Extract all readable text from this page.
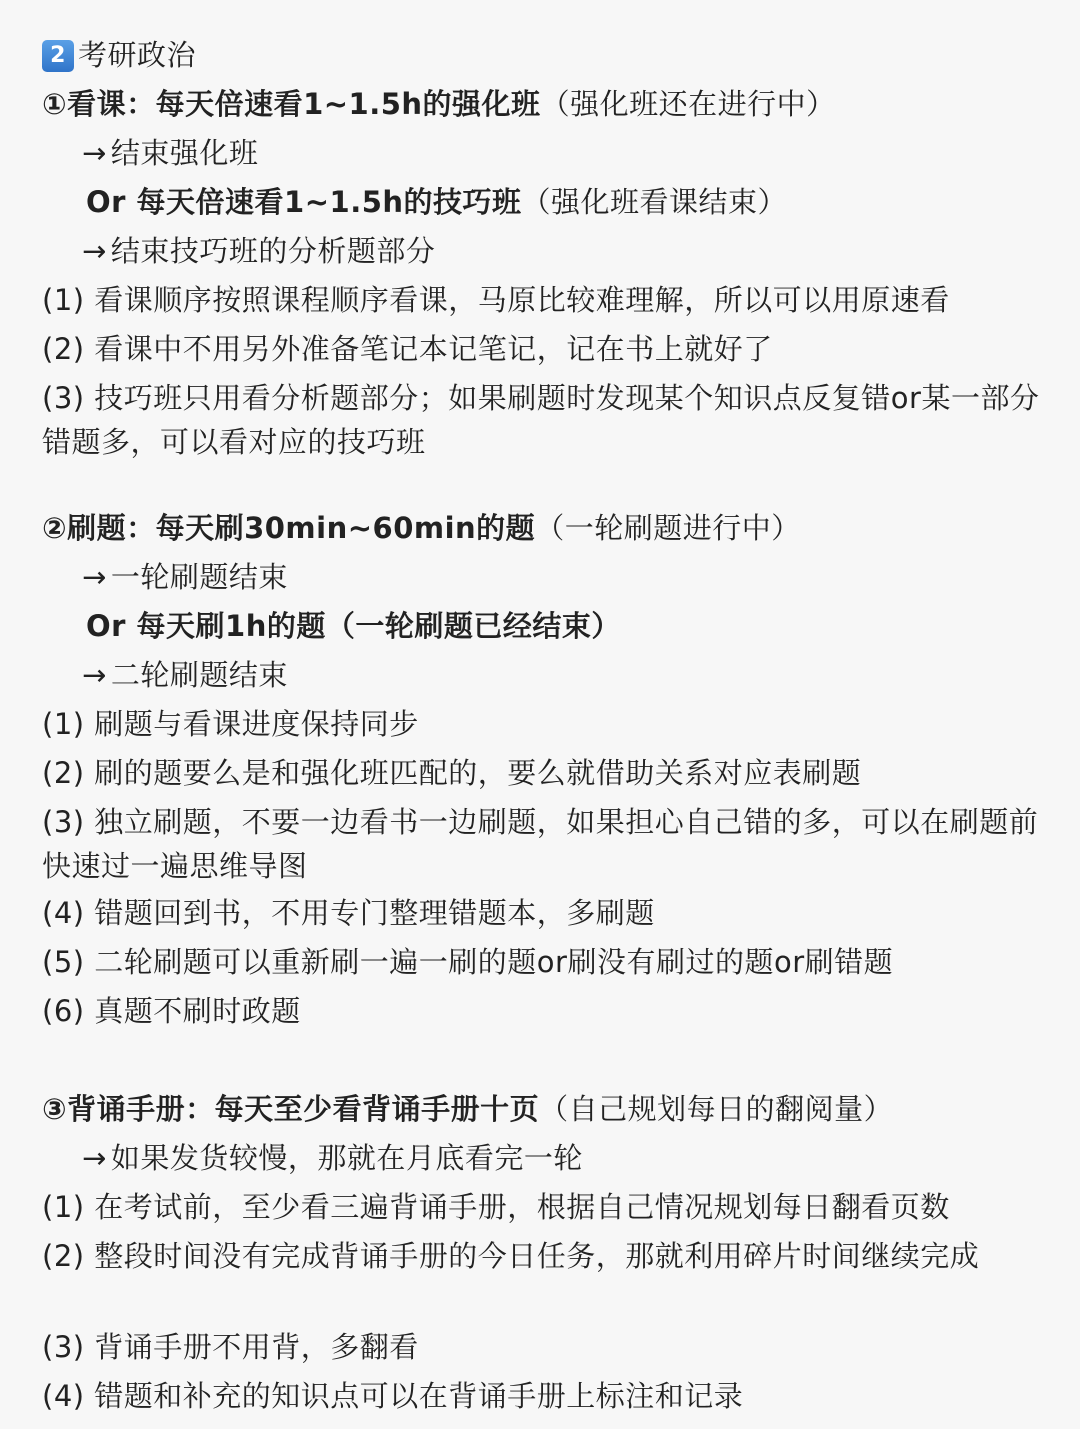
2 考研政治
①看课：每天倍速看1~1.5h的强化班（强化班还在进行中）
→ 结束强化班
Or 每天倍速看1~1.5h的技巧班（强化班看课结束）
→ 结束技巧班的分析题部分
(1) 看课顺序按照课程顺序看课，马原比较难理解，所以可以用原速看
(2) 看课中不用另外准备笔记本记笔记，记在书上就好了
(3) 技巧班只用看分析题部分；如果刷题时发现某个知识点反复错or某一部分错题多，可以看对应的技巧班
②刷题：每天刷30min~60min的题（一轮刷题进行中）
→ 一轮刷题结束
Or 每天刷1h的题（一轮刷题已经结束）
→ 二轮刷题结束
(1) 刷题与看课进度保持同步
(2) 刷的题要么是和强化班匹配的，要么就借助关系对应表刷题
(3) 独立刷题，不要一边看书一边刷题，如果担心自己错的多，可以在刷题前快速过一遍思维导图
(4) 错题回到书，不用专门整理错题本，多刷题
(5) 二轮刷题可以重新刷一遍一刷的题or刷没有刷过的题or刷错题
(6) 真题不刷时政题
③背诵手册：每天至少看背诵手册十页（自己规划每日的翻阅量）
→ 如果发货较慢，那就在月底看完一轮
(1) 在考试前，至少看三遍背诵手册，根据自己情况规划每日翻看页数
(2) 整段时间没有完成背诵手册的今日任务，那就利用碎片时间继续完成
(3) 背诵手册不用背，多翻看
(4) 错题和补充的知识点可以在背诵手册上标注和记录
